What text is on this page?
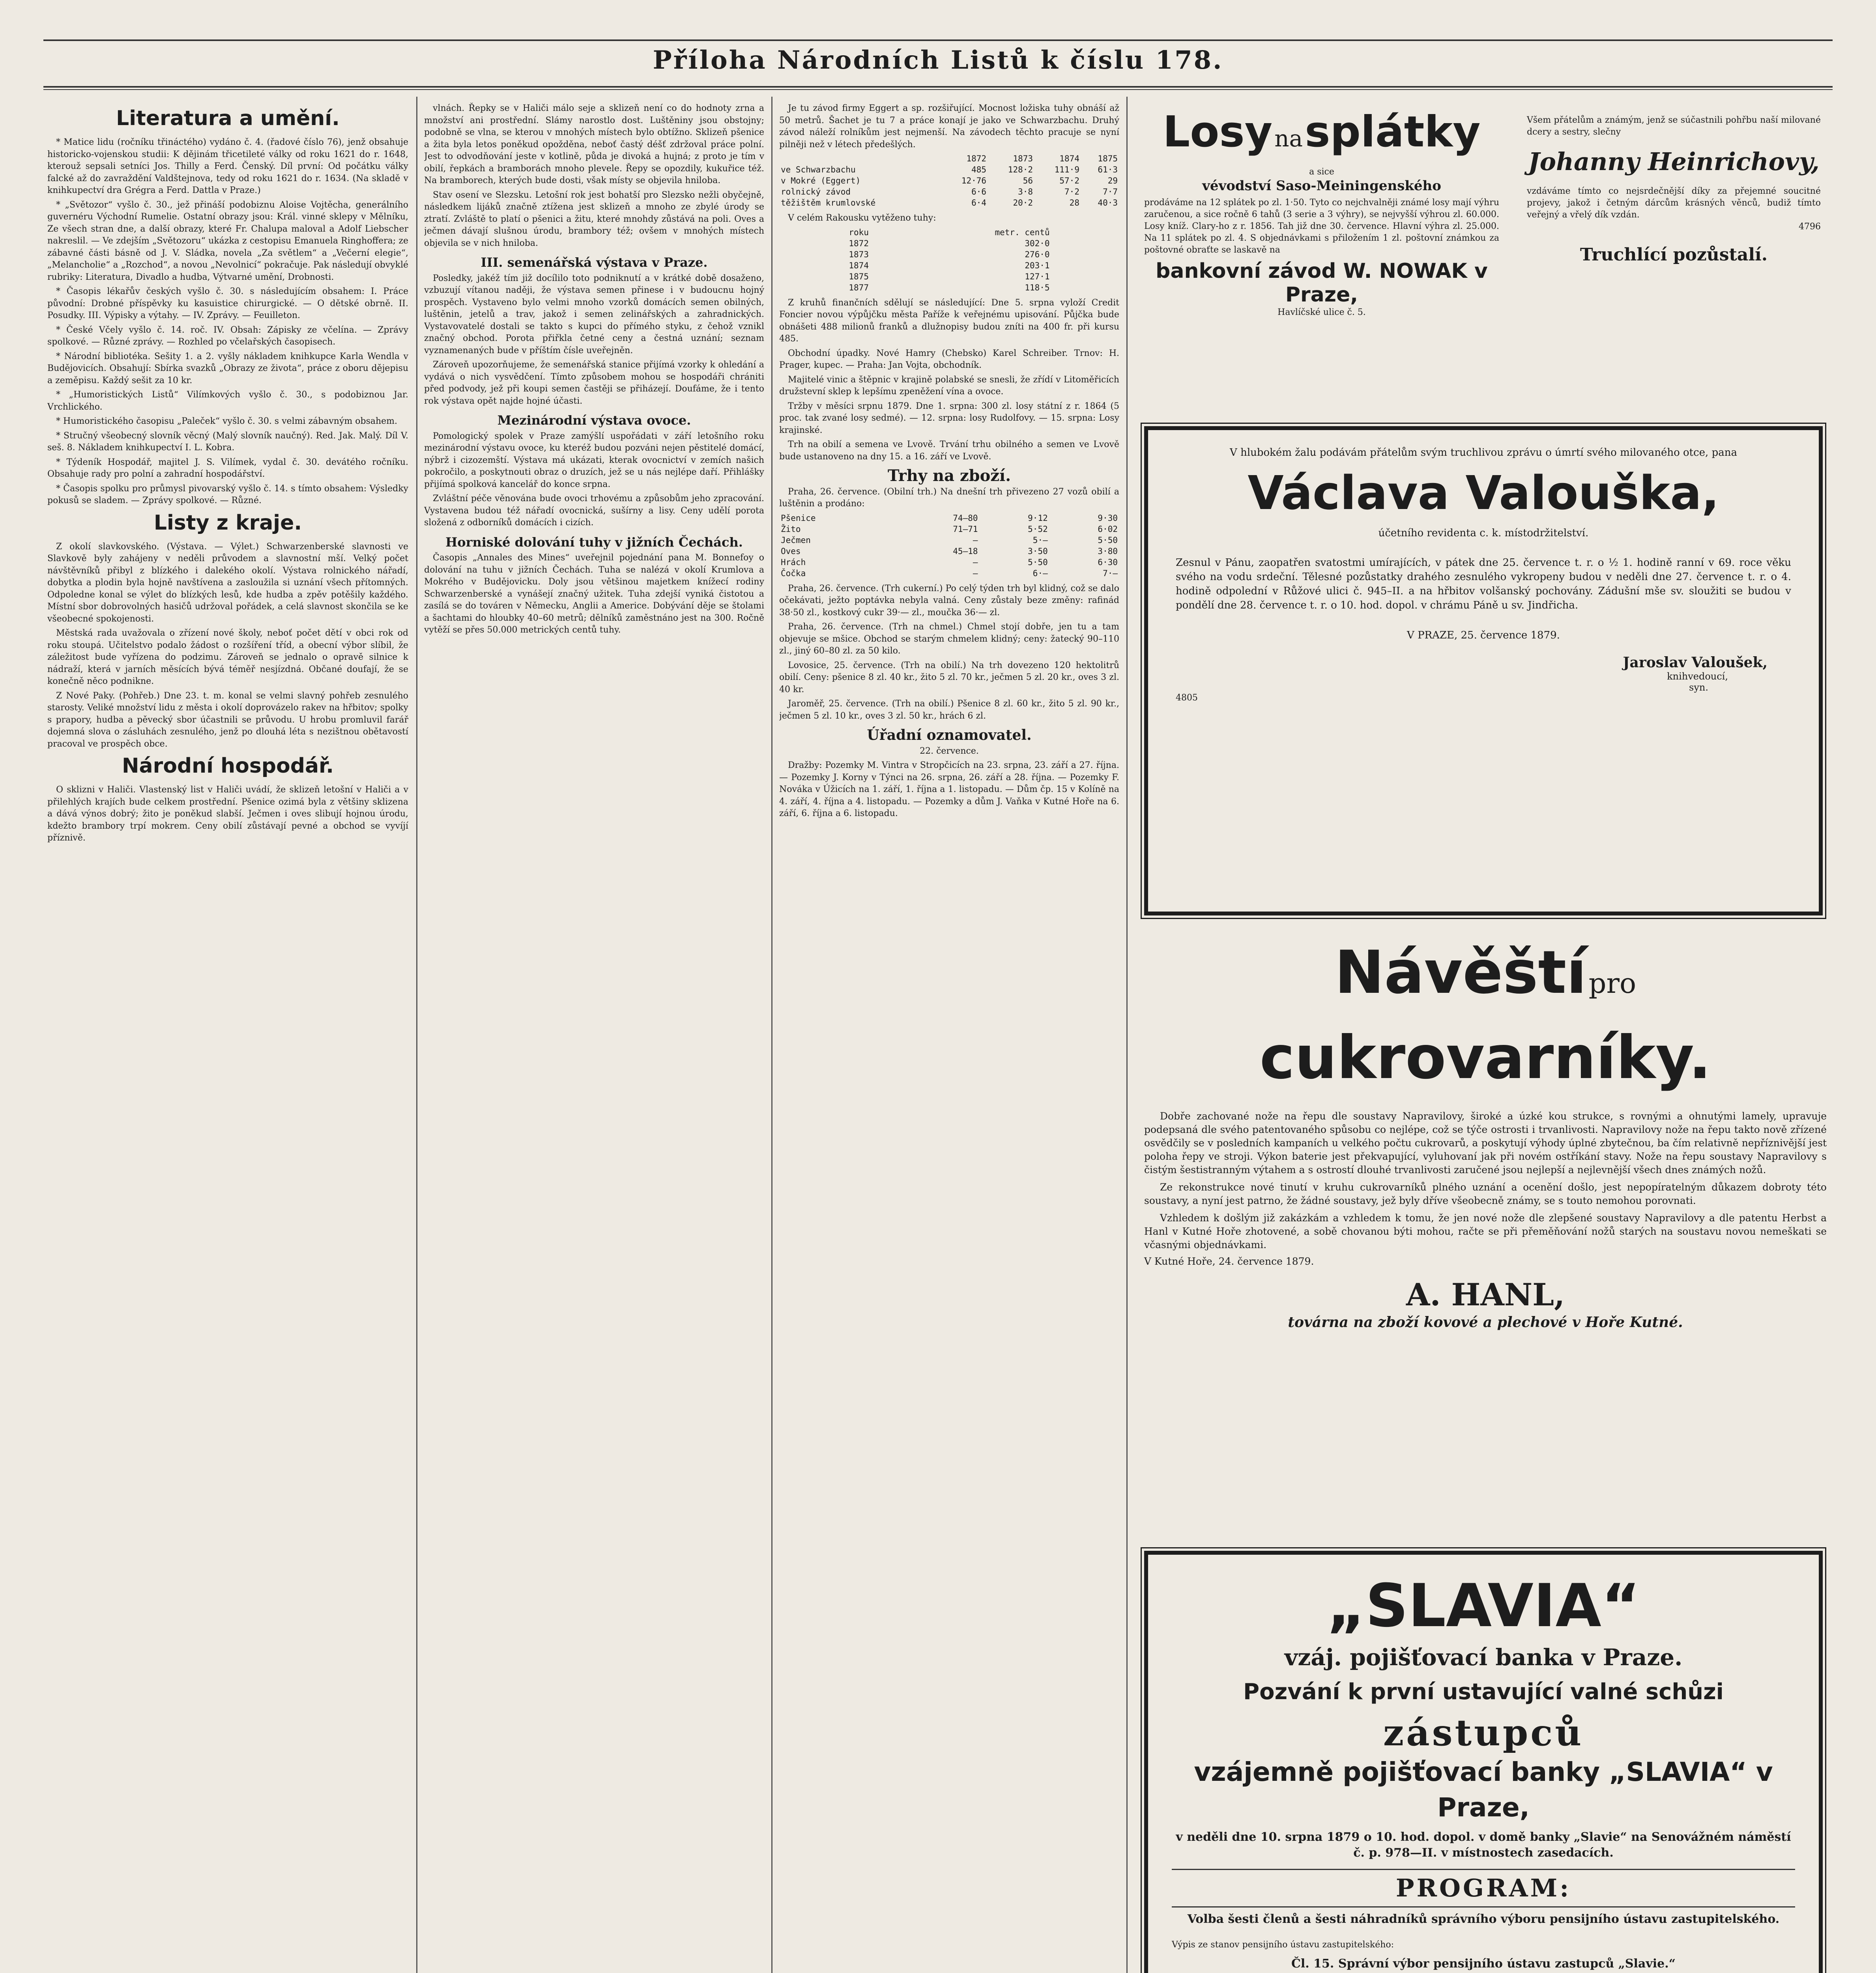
Příloha Národních Listů k číslu 178.
Literatura a umění.

* Matice lidu (ročníku třináctého) vydáno č. 4. (řadové číslo 76), jenž obsahuje historicko-vojenskou studii: K dějinám třicetileté války od roku 1621 do r. 1648, kterouž sepsali setníci Jos. Thilly a Ferd. Čenský. Díl první: Od počátku války falcké až do zavraždění Valdštejnova, tedy od roku 1621 do r. 1634. (Na skladě v knihkupectví dra Grégra a Ferd. Dattla v Praze.)

* „Světozor“ vyšlo č. 30., jež přináší podobiznu Aloise Vojtěcha, generálního guvernéru Východní Rumelie. Ostatní obrazy jsou: Král. vinné sklepy v Mělníku, Ze všech stran dne, a další obrazy, které Fr. Chalupa maloval a Adolf Liebscher nakreslil. — Ve zdejším „Světozoru“ ukázka z cestopisu Emanuela Ringhoffera; ze zábavné části básně od J. V. Sládka, novela „Za světlem“ a „Večerní elegie“, „Melancholie“ a „Rozchod“, a novou „Nevolnicí“ pokračuje. Pak následují obvyklé rubriky: Literatura, Divadlo a hudba, Výtvarné umění, Drobnosti.

* Časopis lékařův českých vyšlo č. 30. s následujícím obsahem: I. Práce původní: Drobné příspěvky ku kasuistice chirurgické. — O dětské obrně. II. Posudky. III. Výpisky a výtahy. — IV. Zprávy. — Feuilleton.

* České Včely vyšlo č. 14. roč. IV. Obsah: Zápisky ze včelína. — Zprávy spolkové. — Různé zprávy. — Rozhled po včelařských časopisech.

* Národní bibliotéka. Sešity 1. a 2. vyšly nákladem knihkupce Karla Wendla v Budějovicích. Obsahují: Sbírka svazků „Obrazy ze života“, práce z oboru dějepisu a zeměpisu. Každý sešit za 10 kr.

* „Humoristických Listů“ Vilímkových vyšlo č. 30., s podobiznou Jar. Vrchlického.

* Humoristického časopisu „Paleček“ vyšlo č. 30. s velmi zábavným obsahem.

* Stručný všeobecný slovník věcný (Malý slovník naučný). Red. Jak. Malý. Díl V. seš. 8. Nákladem knihkupectví I. L. Kobra.

* Týdeník Hospodář, majitel J. S. Vilímek, vydal č. 30. devátého ročníku. Obsahuje rady pro polní a zahradní hospodářství.

* Časopis spolku pro průmysl pivovarský vyšlo č. 14. s tímto obsahem: Výsledky pokusů se sladem. — Zprávy spolkové. — Různé.

Listy z kraje.

Z okolí slavkovského. (Výstava. — Výlet.) Schwarzenberské slavnosti ve Slavkově byly zahájeny v neděli průvodem a slavnostní mší. Velký počet návštěvníků přibyl z blízkého i dalekého okolí. Výstava rolnického nářadí, dobytka a plodin byla hojně navštívena a zasloužila si uznání všech přítomných. Odpoledne konal se výlet do blízkých lesů, kde hudba a zpěv potěšily každého. Místní sbor dobrovolných hasičů udržoval pořádek, a celá slavnost skončila se ke všeobecné spokojenosti.

Městská rada uvažovala o zřízení nové školy, neboť počet dětí v obci rok od roku stoupá. Učitelstvo podalo žádost o rozšíření tříd, a obecní výbor slíbil, že záležitost bude vyřízena do podzimu. Zároveň se jednalo o opravě silnice k nádraží, která v jarních měsících bývá téměř nesjízdná. Občané doufají, že se konečně něco podnikne.

Z Nové Paky. (Pohřeb.) Dne 23. t. m. konal se velmi slavný pohřeb zesnulého starosty. Veliké množství lidu z města i okolí doprovázelo rakev na hřbitov; spolky s prapory, hudba a pěvecký sbor účastnili se průvodu. U hrobu promluvil farář dojemná slova o zásluhách zesnulého, jenž po dlouhá léta s nezištnou obětavostí pracoval ve prospěch obce.

Národní hospodář.

O sklizni v Haliči. Vlastenský list v Haliči uvádí, že sklizeň letošní v Haliči a v přilehlých krajích bude celkem prostřední. Pšenice ozimá byla z většiny sklizena a dává výnos dobrý; žito je poněkud slabší. Ječmen i oves slibují hojnou úrodu, kdežto brambory trpí mokrem. Ceny obilí zůstávají pevné a obchod se vyvíjí příznivě.

vlnách. Řepky se v Haliči málo seje a sklizeň není co do hodnoty zrna a množství ani prostřední. Slámy narostlo dost. Luštěniny jsou obstojny; podobně se vlna, se kterou v mnohých místech bylo obtížno. Sklizeň pšenice a žita byla letos poněkud opožděna, neboť častý déšť zdržoval práce polní. Jest to odvodňování jeste v kotlině, půda je divoká a hujná; z proto je tím v obilí, řepkách a bramborách mnoho plevele. Řepy se opozdily, kukuřice též. Na bramborech, kterých bude dosti, však místy se objevila hniloba.

Stav osení ve Slezsku. Letošní rok jest bohatší pro Slezsko nežli obyčejně, následkem lijáků značně ztížena jest sklizeň a mnoho ze zbylé úrody se ztratí. Zvláště to platí o pšenici a žitu, které mnohdy zůstává na poli. Oves a ječmen dávají slušnou úrodu, brambory též; ovšem v mnohých místech objevila se v nich hniloba.

III. semenářská výstava v Praze.

Posledky, jakéž tím již docílilo toto podniknutí a v krátké době dosaženo, vzbuzují vítanou naději, že výstava semen přinese i v budoucnu hojný prospěch. Vystaveno bylo velmi mnoho vzorků domácích semen obilných, luštěnin, jetelů a trav, jakož i semen zelinářských a zahradnických. Vystavovatelé dostali se takto s kupci do přímého styku, z čehož vznikl značný obchod. Porota přiřkla četné ceny a čestná uznání; seznam vyznamenaných bude v příštím čísle uveřejněn.

Zároveň upozorňujeme, že semenářská stanice přijímá vzorky k ohledání a vydává o nich vysvědčení. Tímto způsobem mohou se hospodáři chrániti před podvody, jež při koupi semen častěji se přiházejí. Doufáme, že i tento rok výstava opět najde hojné účasti.

Mezinárodní výstava ovoce.

Pomologický spolek v Praze zamýšlí uspořádati v září letošního roku mezinárodní výstavu ovoce, ku kteréž budou pozváni nejen pěstitelé domácí, nýbrž i cizozemští. Výstava má ukázati, kterak ovocnictví v zemích našich pokročilo, a poskytnouti obraz o druzích, jež se u nás nejlépe daří. Přihlášky přijímá spolková kancelář do konce srpna.

Zvláštní péče věnována bude ovoci trhovému a způsobům jeho zpracování. Vystavena budou též nářadí ovocnická, sušírny a lisy. Ceny udělí porota složená z odborníků domácích i cizích.

Horniské dolování tuhy v jižních Čechách.

Časopis „Annales des Mines“ uveřejnil pojednání pana M. Bonnefoy o dolování na tuhu v jižních Čechách. Tuha se nalézá v okolí Krumlova a Mokrého v Budějovicku. Doly jsou většinou majetkem knížecí rodiny Schwarzenberské a vynášejí značný užitek. Tuha zdejší vyniká čistotou a zasílá se do továren v Německu, Anglii a Americe. Dobývání děje se štolami a šachtami do hloubky 40–60 metrů; dělníků zaměstnáno jest na 300. Ročně vytěží se přes 50.000 metrických centů tuhy.

Je tu závod firmy Eggert a sp. rozšiřující. Mocnost ložiska tuhy obnáší až 50 metrů. Šachet je tu 7 a práce konají je jako ve Schwarzbachu. Druhý závod náleží rolníkům jest nejmenší. Na závodech těchto pracuje se nyní pilněji než v létech předešlých.

	1872	1873	1874	1875
ve Schwarzbachu	485	128·2	111·9	61·3
v Mokré (Eggert)	12·76	56	57·2	29
rolnický závod	6·6	3·8	7·2	7·7
těžištěm krumlovské	6·4	20·2	28	40·3

V celém Rakousku vytěženo tuhy:

roku	metr. centů
1872	302·0
1873	276·0
1874	203·1
1875	127·1
1877	118·5

Z kruhů finančních sdělují se následující: Dne 5. srpna vyloží Credit Foncier novou výpůjčku města Paříže k veřejnému upisování. Půjčka bude obnášeti 488 milionů franků a dlužnopisy budou zníti na 400 fr. při kursu 485.

Obchodní úpadky. Nové Hamry (Chebsko) Karel Schreiber. Trnov: H. Prager, kupec. — Praha: Jan Vojta, obchodník.

Majitelé vinic a štěpnic v krajině polabské se snesli, že zřídí v Litoměřicích družstevní sklep k lepšímu zpeněžení vína a ovoce.

Tržby v měsíci srpnu 1879. Dne 1. srpna: 300 zl. losy státní z r. 1864 (5 proc. tak zvané losy sedmé). — 12. srpna: losy Rudolfovy. — 15. srpna: Losy krajinské.

Trh na obilí a semena ve Lvově. Trvání trhu obilného a semen ve Lvově bude ustanoveno na dny 15. a 16. září ve Lvově.

Trhy na zboží.

Praha, 26. července. (Obilní trh.) Na dnešní trh přivezeno 27 vozů obilí a luštěnin a prodáno:

Pšenice	74–80	9·12	9·30
Žito	71–71	5·52	6·02
Ječmen	—	5·—	5·50
Oves	45–18	3·50	3·80
Hrách	—	5·50	6·30
Čočka	—	6·—	7·—

Praha, 26. července. (Trh cukerní.) Po celý týden trh byl klidný, což se dalo očekávati, ježto poptávka nebyla valná. Ceny zůstaly beze změny: rafinád 38·50 zl., kostkový cukr 39·— zl., moučka 36·— zl.

Praha, 26. července. (Trh na chmel.) Chmel stojí dobře, jen tu a tam objevuje se mšice. Obchod se starým chmelem klidný; ceny: žatecký 90–110 zl., jiný 60–80 zl. za 50 kilo.

Lovosice, 25. července. (Trh na obilí.) Na trh dovezeno 120 hektolitrů obilí. Ceny: pšenice 8 zl. 40 kr., žito 5 zl. 70 kr., ječmen 5 zl. 20 kr., oves 3 zl. 40 kr.

Jaroměř, 25. července. (Trh na obilí.) Pšenice 8 zl. 60 kr., žito 5 zl. 90 kr., ječmen 5 zl. 10 kr., oves 3 zl. 50 kr., hrách 6 zl.

Úřadní oznamovatel.

22. července.

Dražby: Pozemky M. Vintra v Stropčicích na 23. srpna, 23. září a 27. října. — Pozemky J. Korny v Týnci na 26. srpna, 26. září a 28. října. — Pozemky F. Nováka v Úžicích na 1. září, 1. října a 1. listopadu. — Dům čp. 15 v Kolíně na 4. září, 4. října a 4. listopadu. — Pozemky a dům J. Vaňka v Kutné Hoře na 6. září, 6. října a 6. listopadu.

Losy na splátky

a sice

vévodství Saso-Meiningenského

prodáváme na 12 splátek po zl. 1·50. Tyto co nejchvalněji známé losy mají výhru zaručenou, a sice ročně 6 tahů (3 serie a 3 výhry), se nejvyšší výhrou zl. 60.000. Losy kníž. Clary-ho z r. 1856. Tah již dne 30. července. Hlavní výhra zl. 25.000. Na 11 splátek po zl. 4. S objednávkami s přiložením 1 zl. poštovní známkou za poštovné obraťte se laskavě na

bankovní závod W. NOWAK v Praze,

Havlíčské ulice č. 5.

Všem přátelům a známým, jenž se súčastnili pohřbu naší milované dcery a sestry, slečny

Johanny Heinrichovy,

vzdáváme tímto co nejsrdečnější díky za přejemné soucitné projevy, jakož i četným dárcům krásných věnců, budiž tímto veřejný a vřelý dík vzdán.

4796

Truchlící pozůstalí.

V hlubokém žalu podávám přátelům svým truchlivou zprávu o úmrtí svého milovaného otce, pana

Václava Valouška,

účetního revidenta c. k. místodržitelství.

Zesnul v Pánu, zaopatřen svatostmi umírajících, v pátek dne 25. července t. r. o ½ 1. hodině ranní v 69. roce věku svého na vodu srdeční. Tělesné pozůstatky drahého zesnulého vykropeny budou v neděli dne 27. července t. r. o 4. hodině odpolední v Růžové ulici č. 945–II. a na hřbitov volšanský pochovány. Zádušní mše sv. sloužiti se budou v pondělí dne 28. července t. r. o 10. hod. dopol. v chrámu Páně u sv. Jindřicha.

V PRAZE, 25. července 1879.

Jaroslav Valoušek,

knihvedoucí,

syn.

4805

Návěští pro cukrovarníky.

Dobře zachované nože na řepu dle soustavy Napravilovy, široké a úzké kou strukce, s rovnými a ohnutými lamely, upravuje podepsaná dle svého patentovaného spůsobu co nejlépe, což se týče ostrosti i trvanlivosti. Napravilovy nože na řepu takto nově zřízené osvědčily se v posledních kampaních u velkého počtu cukrovarů, a poskytují výhody úplné zbytečnou, ba čím relativně nepříznivější jest poloha řepy ve stroji. Výkon baterie jest překvapující, vyluhovaní jak při novém ostříkání stavy. Nože na řepu soustavy Napravilovy s čistým šestistranným výtahem a s ostrostí dlouhé trvanlivosti zaručené jsou nejlepší a nejlevnější všech dnes známých nožů.

Ze rekonstrukce nové tinutí v kruhu cukrovarníků plného uznání a ocenění došlo, jest nepopíratelným důkazem dobroty této soustavy, a nyní jest patrno, že žádné soustavy, jež byly dříve všeobecně známy, se s touto nemohou porovnati.

Vzhledem k došlým již zakázkám a vzhledem k tomu, že jen nové nože dle zlepšené soustavy Napravilovy a dle patentu Herbst a Hanl v Kutné Hoře zhotovené, a sobě chovanou býti mohou, račte se při přeměňování nožů starých na soustavu novou nemeškati se včasnými objednávkami.

V Kutné Hoře, 24. července 1879.

A. HANL,

továrna na zboží kovové a plechové v Hoře Kutné.

„SLAVIA“

vzáj. pojišťovací banka v Praze.

Pozvání k první ustavující valné schůzi

zástupců

vzájemně pojišťovací banky „SLAVIA“ v Praze,

v neděli dne 10. srpna 1879 o 10. hod. dopol. v domě banky „Slavie“ na Senovážném náměstí č. p. 978—II. v místnostech zasedacích.

PROGRAM:

Volba šesti členů a šesti náhradníků správního výboru pensijního ústavu zastupitelského.

Výpis ze stanov pensijního ústavu zastupitelského:

Čl. 15. Správní výbor pensijního ústavu zastupců „Slavie.“
